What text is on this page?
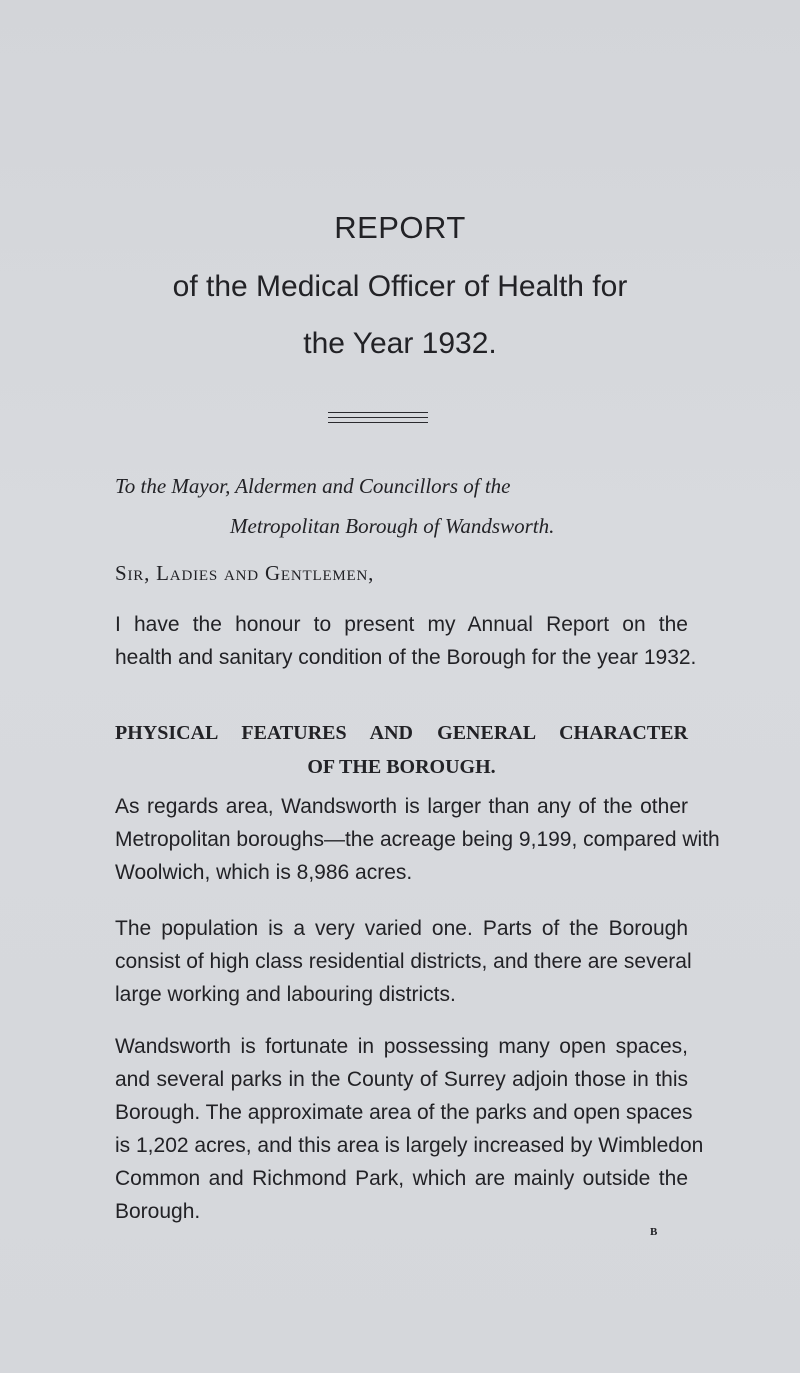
REPORT
of the Medical Officer of Health for
the Year 1932.
To the Mayor, Aldermen and Councillors of the
Metropolitan Borough of Wandsworth.
Sir, Ladies and Gentlemen,
I have the honour to present my Annual Report on the
health and sanitary condition of the Borough for the year 1932.
PHYSICAL FEATURES AND GENERAL CHARACTER
OF THE BOROUGH.
As regards area, Wandsworth is larger than any of the other
Metropolitan boroughs—the acreage being 9,199, compared with
Woolwich, which is 8,986 acres.
The population is a very varied one. Parts of the Borough
consist of high class residential districts, and there are several
large working and labouring districts.
Wandsworth is fortunate in possessing many open spaces,
and several parks in the County of Surrey adjoin those in this
Borough. The approximate area of the parks and open spaces
is 1,202 acres, and this area is largely increased by Wimbledon
Common and Richmond Park, which are mainly outside the
Borough.
B
